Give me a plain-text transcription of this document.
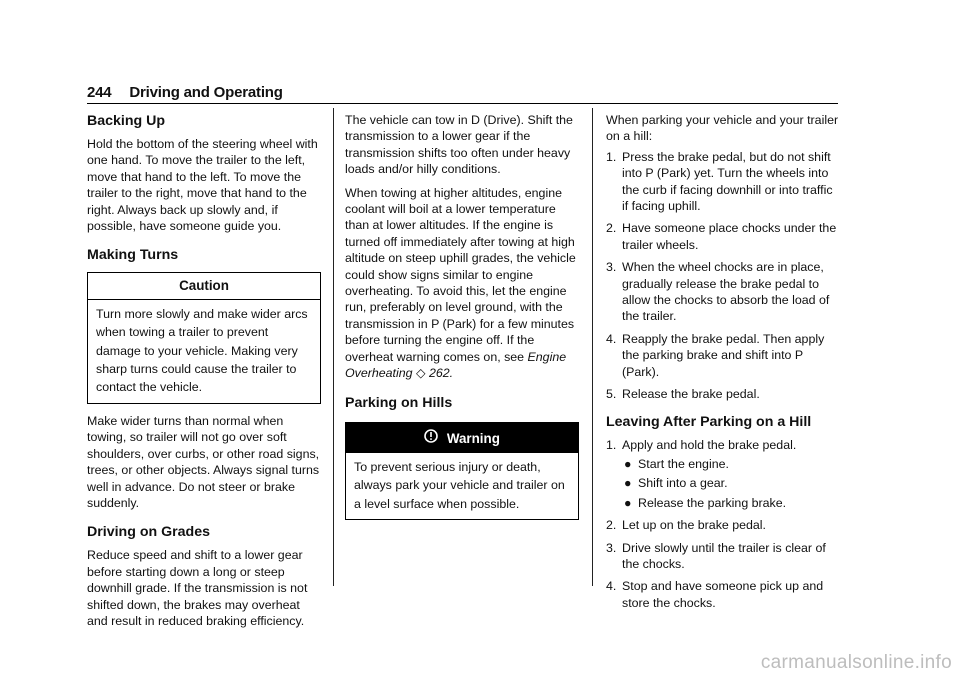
244 Driving and Operating
Backing Up

Hold the bottom of the steering wheel with one hand. To move the trailer to the left, move that hand to the left. To move the trailer to the right, move that hand to the right. Always back up slowly and, if possible, have someone guide you.

Making Turns
Caution
Turn more slowly and make wider arcs when towing a trailer to prevent damage to your vehicle. Making very sharp turns could cause the trailer to contact the vehicle.

Make wider turns than normal when towing, so trailer will not go over soft shoulders, over curbs, or other road signs, trees, or other objects. Always signal turns well in advance. Do not steer or brake suddenly.

Driving on Grades

Reduce speed and shift to a lower gear before starting down a long or steep downhill grade. If the transmission is not shifted down, the brakes may overheat and result in reduced braking efficiency.

The vehicle can tow in D (Drive). Shift the transmission to a lower gear if the transmission shifts too often under heavy loads and/or hilly conditions.

When towing at higher altitudes, engine coolant will boil at a lower temperature than at lower altitudes. If the engine is turned off immediately after towing at high altitude on steep uphill grades, the vehicle could show signs similar to engine overheating. To avoid this, let the engine run, preferably on level ground, with the transmission in P (Park) for a few minutes before turning the engine off. If the overheat warning comes on, see Engine Overheating ◇ 262.

Parking on Hills
Warning
To prevent serious injury or death, always park your vehicle and trailer on a level surface when possible.

When parking your vehicle and your trailer on a hill:

1. Press the brake pedal, but do not shift into P (Park) yet. Turn the wheels into the curb if facing downhill or into traffic if facing uphill.
2. Have someone place chocks under the trailer wheels.
3. When the wheel chocks are in place, gradually release the brake pedal to allow the chocks to absorb the load of the trailer.
4. Reapply the brake pedal. Then apply the parking brake and shift into P (Park).
5. Release the brake pedal.
Leaving After Parking on a Hill
1. Apply and hold the brake pedal.
● Start the engine.
● Shift into a gear.
● Release the parking brake.
2. Let up on the brake pedal.
3. Drive slowly until the trailer is clear of the chocks.
4. Stop and have someone pick up and store the chocks.
carmanualsonline.info
